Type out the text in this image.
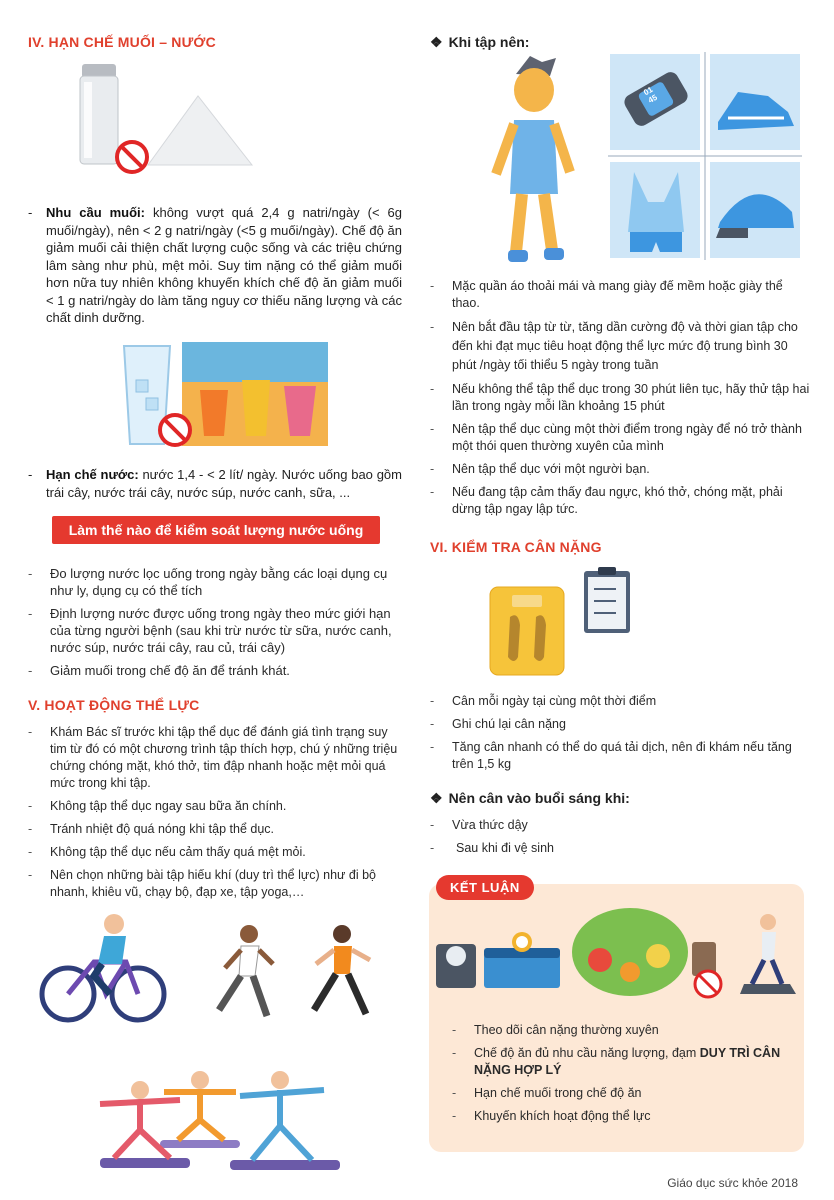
IV. HẠN CHẾ MUỐI – NƯỚC
-	Nhu cầu muối: không vượt quá 2,4 g natri/ngày (< 6g muối/ngày), nên < 2 g natri/ngày (<5 g muối/ngày). Chế độ ăn giảm muối cải thiện chất lượng cuộc sống và các triệu chứng lâm sàng như phù, mệt mỏi. Suy tim nặng có thể giảm muối hơn nữa tuy nhiên không khuyến khích chế độ ăn giảm muối < 1 g natri/ngày do làm tăng nguy cơ thiếu năng lượng và các chất dinh dưỡng.
-	Hạn chế nước: nước 1,4 - < 2 lít/ ngày. Nước uống bao gồm trái cây, nước trái cây, nước súp, nước canh, sữa, ...
Làm thế nào để kiểm soát lượng nước uống
- Đo lượng nước lọc uống trong ngày bằng các loại dụng cụ như ly, dụng cụ có thể tích
- Định lượng nước được uống trong ngày theo mức giới hạn của từng người bệnh (sau khi trừ nước từ sữa, nước canh, nước súp, nước trái cây, rau củ, trái cây)
- Giảm muối trong chế độ ăn để tránh khát.
V. HOẠT ĐỘNG THỂ LỰC
- Khám Bác sĩ trước khi tập thể dục để đánh giá tình trạng suy tim từ đó có một chương trình tập thích hợp, chú ý những triệu chứng chóng mặt, khó thở, tim đập nhanh hoặc mệt mỏi quá mức trong khi tập.
- Không tập thể dục ngay sau bữa ăn chính.
- Tránh nhiệt độ quá nóng khi tập thể dục.
- Không tập thể dục nếu cảm thấy quá mệt mỏi.
- Nên chọn những bài tập hiếu khí (duy trì thể lực) như đi bộ nhanh, khiêu vũ, chạy bộ, đạp xe, tập yoga,…
❖ Khi tập nên:
01
45
- Mặc quần áo thoải mái và mang giày đế mềm hoặc giày thể thao.
- Nên bắt đầu tập từ từ, tăng dần cường độ và thời gian tập cho đến khi đạt mục tiêu hoạt động thể lực mức độ trung bình 30 phút /ngày tối thiểu 5 ngày trong tuần
- Nếu không thể tập thể dục trong 30 phút liên tục, hãy thử tập hai lần trong ngày mỗi lần khoảng 15 phút
- Nên tập thể dục cùng một thời điểm trong ngày để nó trở thành một thói quen thường xuyên của mình
- Nên tập thể dục với một người bạn.
- Nếu đang tập cảm thấy đau ngực, khó thở, chóng mặt, phải dừng tập ngay lập tức.
VI. KIỂM TRA CÂN NẶNG
- Cân mỗi ngày tại cùng một thời điểm
- Ghi chú lại cân nặng
- Tăng cân nhanh có thể do quá tải dịch, nên đi khám nếu tăng trên 1,5 kg
❖ Nên cân vào buổi sáng khi:
- Vừa thức dậy
- Sau khi đi vệ sinh
KẾT LUẬN
- Theo dõi cân nặng thường xuyên
- Chế độ ăn đủ nhu cầu năng lượng, đạm DUY TRÌ CÂN NẶNG HỢP LÝ
- Hạn chế muối trong chế độ ăn
- Khuyến khích hoạt động thể lực
Giáo dục sức khỏe 2018
